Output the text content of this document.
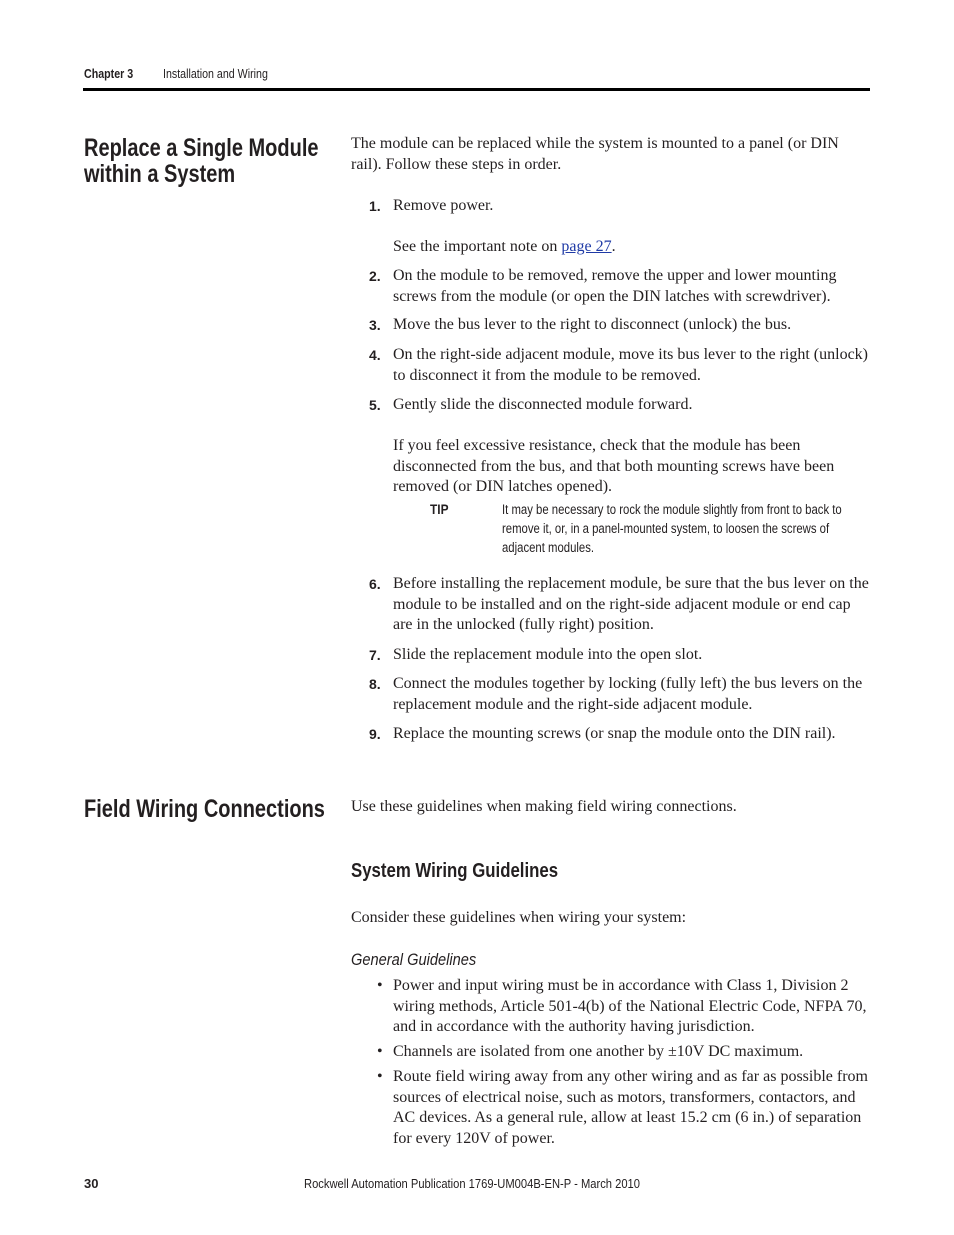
Chapter 3 Installation and Wiring
Replace a Single Module
within a System
The module can be replaced while the system is mounted to a panel (or DIN rail). Follow these steps in order.
1. Remove power.
See the important note on page 27.
2. On the module to be removed, remove the upper and lower mounting screws from the module (or open the DIN latches with screwdriver).
3. Move the bus lever to the right to disconnect (unlock) the bus.
4. On the right-side adjacent module, move its bus lever to the right (unlock) to disconnect it from the module to be removed.
5. Gently slide the disconnected module forward.
If you feel excessive resistance, check that the module has been disconnected from the bus, and that both mounting screws have been removed (or DIN latches opened).
TIP	It may be necessary to rock the module slightly from front to back to remove it, or, in a panel-mounted system, to loosen the screws of adjacent modules.
6. Before installing the replacement module, be sure that the bus lever on the module to be installed and on the right-side adjacent module or end cap are in the unlocked (fully right) position.
7. Slide the replacement module into the open slot.
8. Connect the modules together by locking (fully left) the bus levers on the replacement module and the right-side adjacent module.
9. Replace the mounting screws (or snap the module onto the DIN rail).
Field Wiring Connections Use these guidelines when making field wiring connections.
System Wiring Guidelines
Consider these guidelines when wiring your system:
General Guidelines
• Power and input wiring must be in accordance with Class 1, Division 2 wiring methods, Article 501-4(b) of the National Electric Code, NFPA 70, and in accordance with the authority having jurisdiction.
• Channels are isolated from one another by ±10V DC maximum.
• Route field wiring away from any other wiring and as far as possible from sources of electrical noise, such as motors, transformers, contactors, and AC devices. As a general rule, allow at least 15.2 cm (6 in.) of separation for every 120V of power.
30	Rockwell Automation Publication 1769-UM004B-EN-P - March 2010
